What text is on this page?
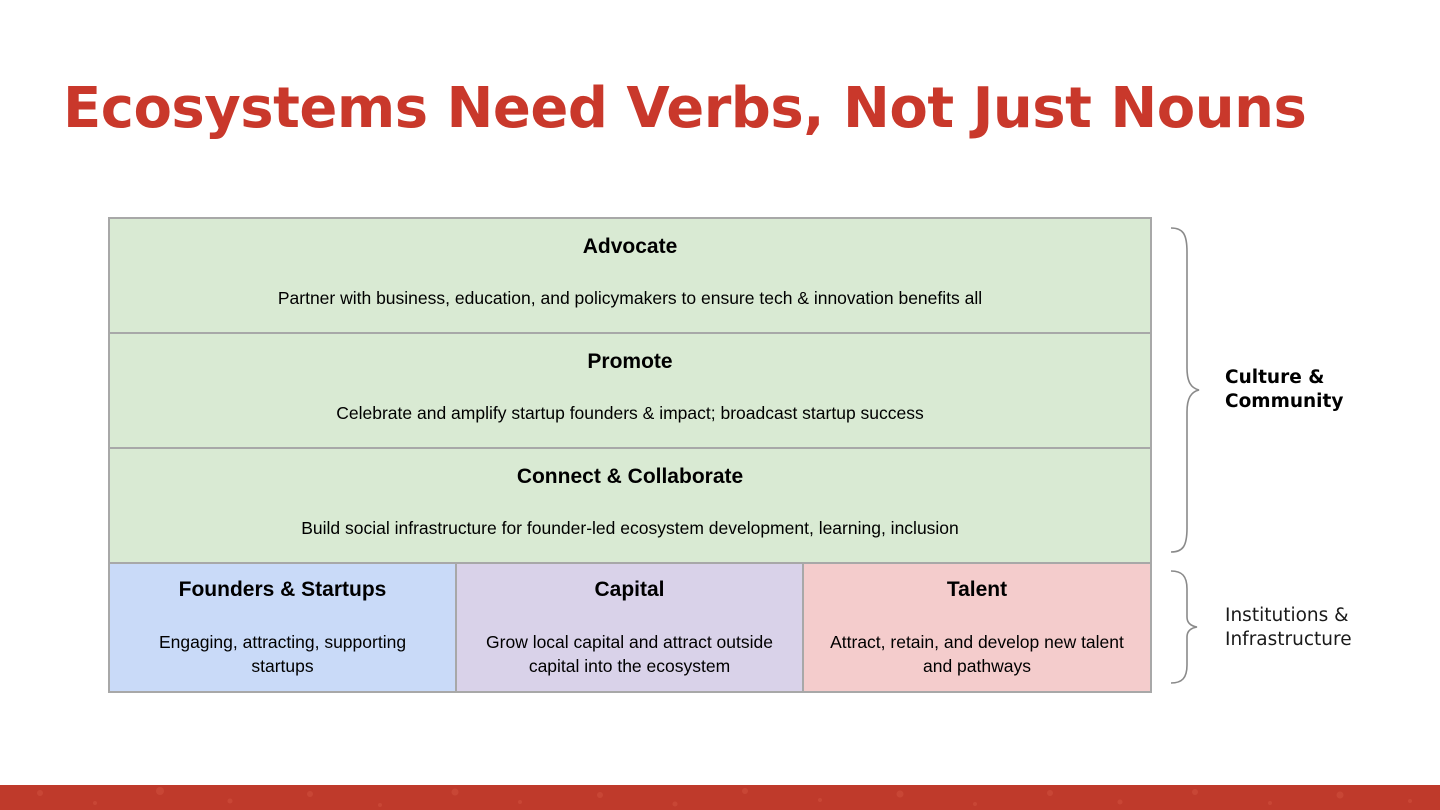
Ecosystems Need Verbs, Not Just Nouns
Advocate
Partner with business, education, and policymakers to ensure tech & innovation benefits all
Promote
Celebrate and amplify startup founders & impact; broadcast startup success
Connect & Collaborate
Build social infrastructure for founder-led ecosystem development, learning, inclusion
Founders & Startups
Engaging, attracting, supporting startups
Capital
Grow local capital and attract outside capital into the ecosystem
Talent
Attract, retain, and develop new talent and pathways
Culture & Community
Institutions & Infrastructure
